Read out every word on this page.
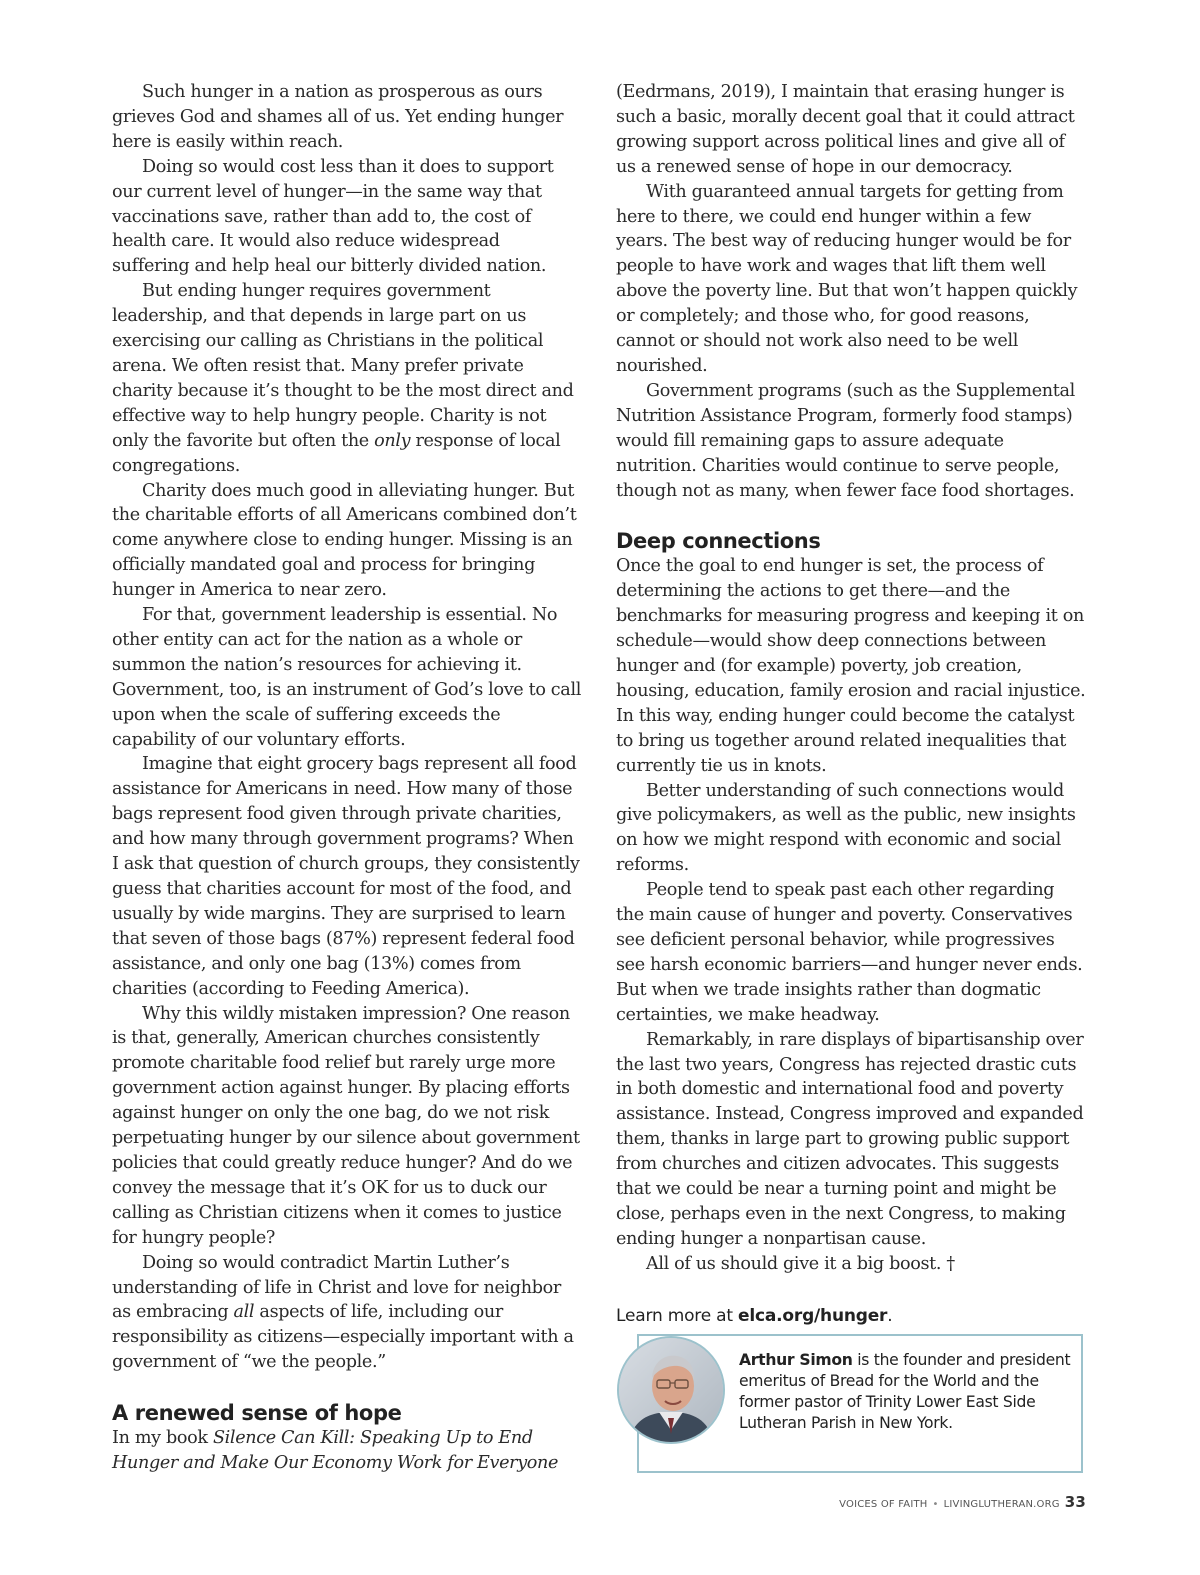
Such hunger in a nation as prosperous as ours grieves God and shames all of us. Yet ending hunger here is easily within reach.

Doing so would cost less than it does to support our current level of hunger—in the same way that vaccinations save, rather than add to, the cost of health care. It would also reduce widespread suffering and help heal our bitterly divided nation.

But ending hunger requires government leadership, and that depends in large part on us exercising our calling as Christians in the political arena. We often resist that. Many prefer private charity because it’s thought to be the most direct and effective way to help hungry people. Charity is not only the favorite but often the only response of local congregations.

Charity does much good in alleviating hunger. But the charitable efforts of all Americans combined don’t come anywhere close to ending hunger. Missing is an officially mandated goal and process for bringing hunger in America to near zero.

For that, government leadership is essential. No other entity can act for the nation as a whole or summon the nation’s resources for achieving it. Government, too, is an instrument of God’s love to call upon when the scale of suffering exceeds the capability of our voluntary efforts.

Imagine that eight grocery bags represent all food assistance for Americans in need. How many of those bags represent food given through private charities, and how many through government programs? When I ask that question of church groups, they consistently guess that charities account for most of the food, and usually by wide margins. They are surprised to learn that seven of those bags (87%) represent federal food assistance, and only one bag (13%) comes from charities (according to Feeding America).

Why this wildly mistaken impression? One reason is that, generally, American churches consistently promote charitable food relief but rarely urge more government action against hunger. By placing efforts against hunger on only the one bag, do we not risk perpetuating hunger by our silence about government policies that could greatly reduce hunger? And do we convey the message that it’s OK for us to duck our calling as Christian citizens when it comes to justice for hungry people?

Doing so would contradict Martin Luther’s understanding of life in Christ and love for neighbor as embracing all aspects of life, including our responsibility as citizens—especially important with a government of “we the people.”

A renewed sense of hope

In my book Silence Can Kill: Speaking Up to End Hunger and Make Our Economy Work for Everyone

(Eedrmans, 2019), I maintain that erasing hunger is such a basic, morally decent goal that it could attract growing support across political lines and give all of us a renewed sense of hope in our democracy.

With guaranteed annual targets for getting from here to there, we could end hunger within a few years. The best way of reducing hunger would be for people to have work and wages that lift them well above the poverty line. But that won’t happen quickly or completely; and those who, for good reasons, cannot or should not work also need to be well nourished.

Government programs (such as the Supplemental Nutrition Assistance Program, formerly food stamps) would fill remaining gaps to assure adequate nutrition. Charities would continue to serve people, though not as many, when fewer face food shortages.

Deep connections

Once the goal to end hunger is set, the process of determining the actions to get there—and the benchmarks for measuring progress and keeping it on schedule—would show deep connections between hunger and (for example) poverty, job creation, housing, education, family erosion and racial injustice. In this way, ending hunger could become the catalyst to bring us together around related inequalities that currently tie us in knots.

Better understanding of such connections would give policymakers, as well as the public, new insights on how we might respond with economic and social reforms.

People tend to speak past each other regarding the main cause of hunger and poverty. Conservatives see deficient personal behavior, while progressives see harsh economic barriers—and hunger never ends. But when we trade insights rather than dogmatic certainties, we make headway.

Remarkably, in rare displays of bipartisanship over the last two years, Congress has rejected drastic cuts in both domestic and international food and poverty assistance. Instead, Congress improved and expanded them, thanks in large part to growing public support from churches and citizen advocates. This suggests that we could be near a turning point and might be close, perhaps even in the next Congress, to making ending hunger a nonpartisan cause.

All of us should give it a big boost. †

Learn more at elca.org/hunger.
Arthur Simon is the founder and president emeritus of Bread for the World and the former pastor of Trinity Lower East Side Lutheran Parish in New York.
VOICES OF FAITH • LIVINGLUTHERAN.ORG 33
